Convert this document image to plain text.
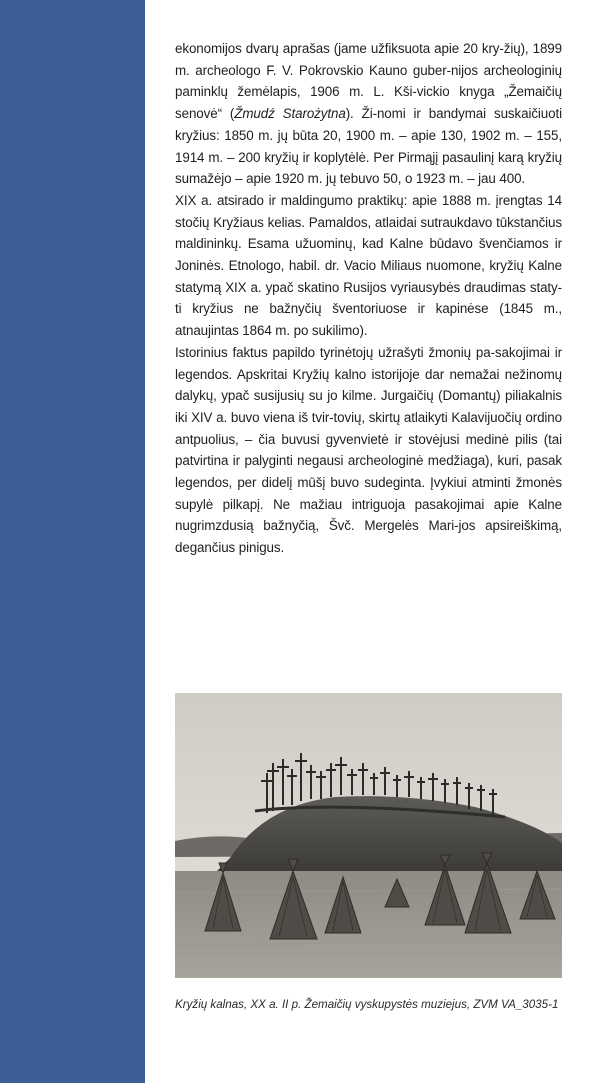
ekonomijos dvarų aprašas (jame užfiksuota apie 20 kry-žių), 1899 m. archeologo F. V. Pokrovskio Kauno guber-nijos archeologinių paminklų žemėlapis, 1906 m. L. Kši-vickio knyga „Žemaičių senovė“ (Žmudź Starożytna). Ži-nomi ir bandymai suskaičiuoti kryžius: 1850 m. jų būta 20, 1900 m. – apie 130, 1902 m. – 155, 1914 m. – 200 kryžių ir koplytėlė. Per Pirmąjį pasaulinį karą kryžių sumažėjo – apie 1920 m. jų tebuvo 50, o 1923 m. – jau 400.

XIX a. atsirado ir maldingumo praktikų: apie 1888 m. įrengtas 14 stočių Kryžiaus kelias. Pamaldos, atlaidai sutraukdavo tūkstančius maldininkų. Esama užuominų, kad Kalne būdavo švenčiamos ir Joninės. Etnologo, habil. dr. Vacio Miliaus nuomone, kryžių Kalne statymą XIX a. ypač skatino Rusijos vyriausybės draudimas staty-ti kryžius ne bažnyčių šventoriuose ir kapinėse (1845 m., atnaujintas 1864 m. po sukilimo).

Istorinius faktus papildo tyrinėtojų užrašyti žmonių pa-sakojimai ir legendos. Apskritai Kryžių kalno istorijoje dar nemažai nežinomų dalykų, ypač susijusių su jo kilme. Jurgaičių (Domantų) piliakalnis iki XIV a. buvo viena iš tvir-tovių, skirtų atlaikyti Kalavijuočių ordino antpuolius, – čia buvusi gyvenvietė ir stovėjusi medinė pilis (tai patvirtina ir palyginti negausi archeologinė medžiaga), kuri, pasak legendos, per didelį mūšį buvo sudeginta. Įvykiui atminti žmonės supylė pilkapį. Ne mažiau intriguoja pasakojimai apie Kalne nugrimzdusią bažnyčią, Švč. Mergelės Mari-jos apsireiškimą, degančius pinigus.

Kryžių kalnas, XX a. II p. Žemaičių vyskupystės muziejus, ZVM VA_3035-1
